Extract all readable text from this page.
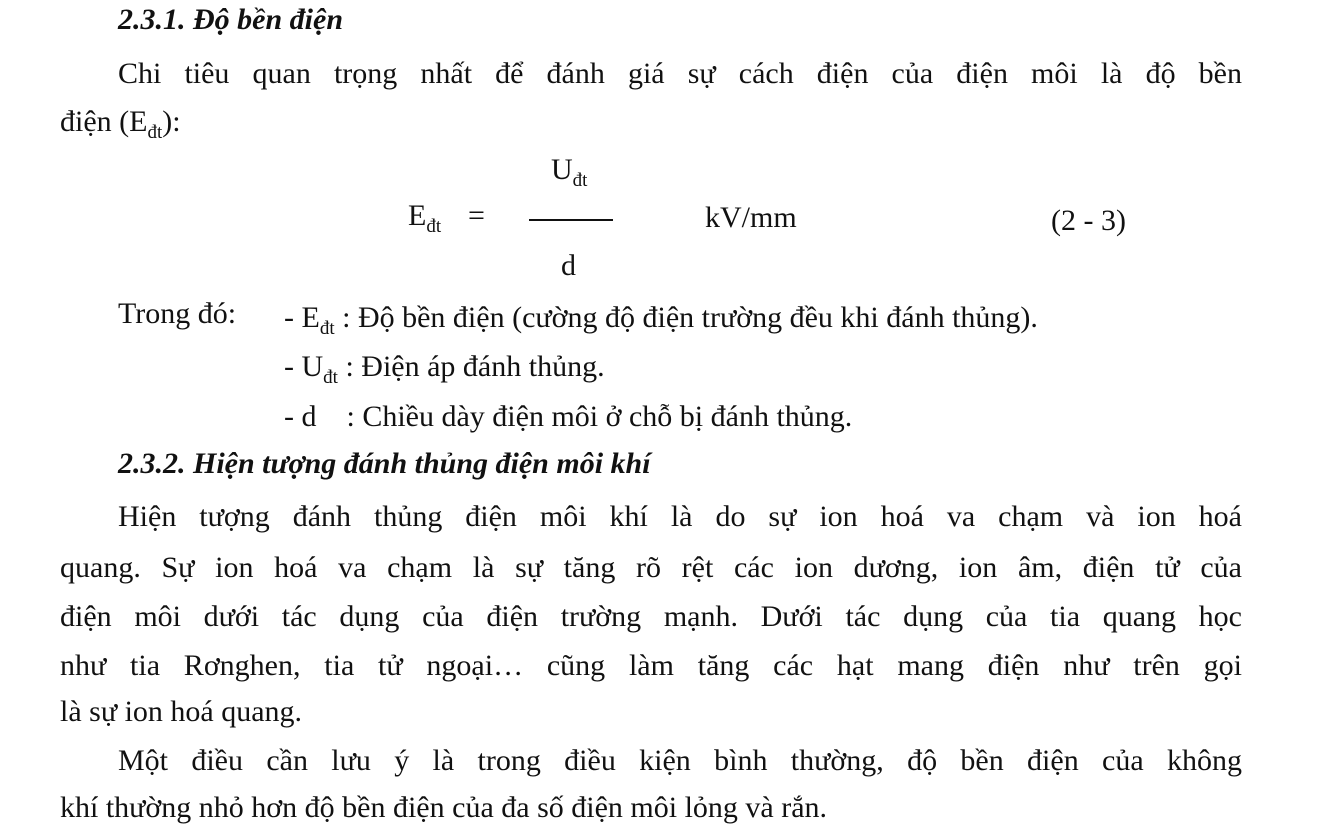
2.3.1. Độ bền điện
Chi tiêu quan trọng nhất để đánh giá sự cách điện của điện môi là độ bền
điện $(E_{đt})$:
$E_{đt}$ =
$U_{đt}$
d
kV/mm	(2 - 3)
Trong đó: - $E_{đt}$ : Độ bền điện (cường độ điện trường đều khi đánh thủng).
- $U_{đt}$ : Điện áp đánh thủng.
- d    : Chiều dày điện môi ở chỗ bị đánh thủng.
2.3.2. Hiện tượng đánh thủng điện môi khí
Hiện tượng đánh thủng điện môi khí là do sự ion hoá va chạm và ion hoá
quang. Sự ion hoá va chạm là sự tăng rõ rệt các ion dương, ion âm, điện tử của
điện môi dưới tác dụng của điện trường mạnh. Dưới tác dụng của tia quang học
như tia Rơnghen, tia tử ngoại… cũng làm tăng các hạt mang điện như trên gọi
là sự ion hoá quang.
Một điều cần lưu ý là trong điều kiện bình thường, độ bền điện của không
khí thường nhỏ hơn độ bền điện của đa số điện môi lỏng và rắn.
